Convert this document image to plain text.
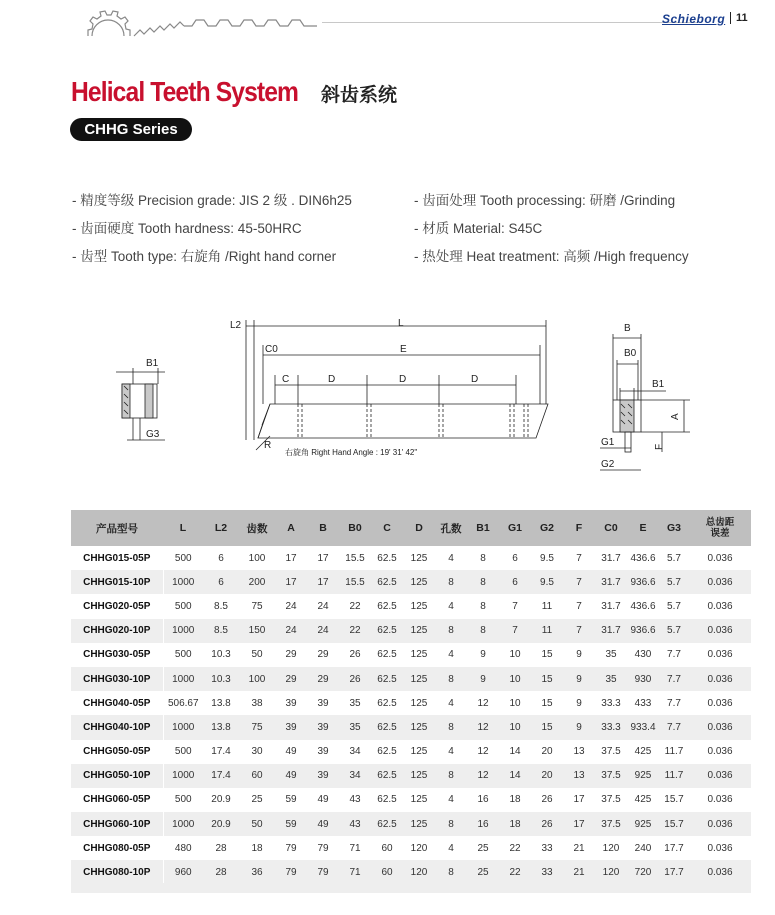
Schieborg 11
Helical Teeth System 斜齿系统
CHHG Series
- 精度等级 Precision grade: JIS 2 级 . DIN6h25
- 齿面硬度 Tooth hardness: 45-50HRC
- 齿型 Tooth type: 右旋角 /Right hand corner
- 齿面处理 Tooth processing: 研磨 /Grinding
- 材质 Material: S45C
- 热处理 Heat treatment: 高频 /High frequency
B1
G3
L2	L
C0	E
C	D	D	D
R
右旋角 Right Hand Angle : 19' 31' 42"
B
B0
B1
A
G1	F
G2
产品型号	L	L2	齿数	A	B	B0	C	D	孔数	B1	G1	G2	F	C0	E	G3	总齿距
误差
CHHG015-05P	500	6	100	17	17	15.5	62.5	125	4	8	6	9.5	7	31.7	436.6	5.7	0.036
CHHG015-10P	1000	6	200	17	17	15.5	62.5	125	8	8	6	9.5	7	31.7	936.6	5.7	0.036
CHHG020-05P	500	8.5	75	24	24	22	62.5	125	4	8	7	11	7	31.7	436.6	5.7	0.036
CHHG020-10P	1000	8.5	150	24	24	22	62.5	125	8	8	7	11	7	31.7	936.6	5.7	0.036
CHHG030-05P	500	10.3	50	29	29	26	62.5	125	4	9	10	15	9	35	430	7.7	0.036
CHHG030-10P	1000	10.3	100	29	29	26	62.5	125	8	9	10	15	9	35	930	7.7	0.036
CHHG040-05P	506.67	13.8	38	39	39	35	62.5	125	4	12	10	15	9	33.3	433	7.7	0.036
CHHG040-10P	1000	13.8	75	39	39	35	62.5	125	8	12	10	15	9	33.3	933.4	7.7	0.036
CHHG050-05P	500	17.4	30	49	39	34	62.5	125	4	12	14	20	13	37.5	425	11.7	0.036
CHHG050-10P	1000	17.4	60	49	39	34	62.5	125	8	12	14	20	13	37.5	925	11.7	0.036
CHHG060-05P	500	20.9	25	59	49	43	62.5	125	4	16	18	26	17	37.5	425	15.7	0.036
CHHG060-10P	1000	20.9	50	59	49	43	62.5	125	8	16	18	26	17	37.5	925	15.7	0.036
CHHG080-05P	480	28	18	79	79	71	60	120	4	25	22	33	21	120	240	17.7	0.036
CHHG080-10P	960	28	36	79	79	71	60	120	8	25	22	33	21	120	720	17.7	0.036
